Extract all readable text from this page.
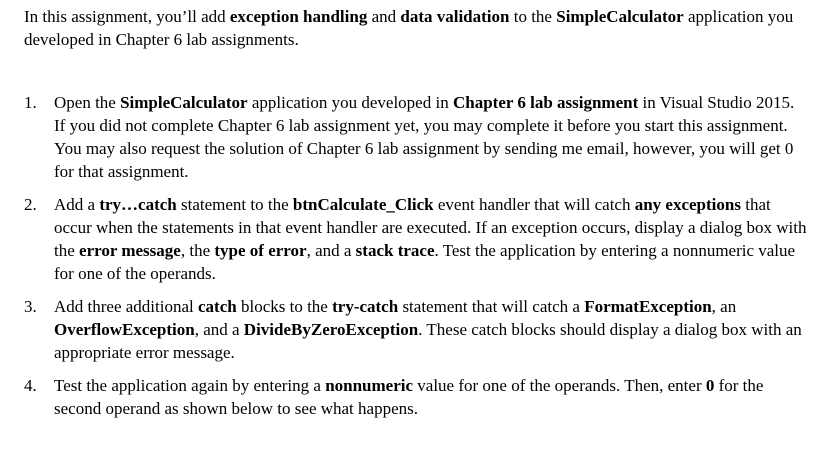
In this assignment, you’ll add exception handling and data validation to the SimpleCalculator application you developed in Chapter 6 lab assignments.

1. Open the SimpleCalculator application you developed in Chapter 6 lab assignment in Visual Studio 2015. If you did not complete Chapter 6 lab assignment yet, you may complete it before you start this assignment. You may also request the solution of Chapter 6 lab assignment by sending me email, however, you will get 0 for that assignment.
2. Add a try…catch statement to the btnCalculate_Click event handler that will catch any exceptions that occur when the statements in that event handler are executed. If an exception occurs, display a dialog box with the error message, the type of error, and a stack trace. Test the application by entering a nonnumeric value for one of the operands.
3. Add three additional catch blocks to the try-catch statement that will catch a FormatException, an OverflowException, and a DivideByZeroException. These catch blocks should display a dialog box with an appropriate error message.
4. Test the application again by entering a nonnumeric value for one of the operands. Then, enter 0 for the second operand as shown below to see what happens.
